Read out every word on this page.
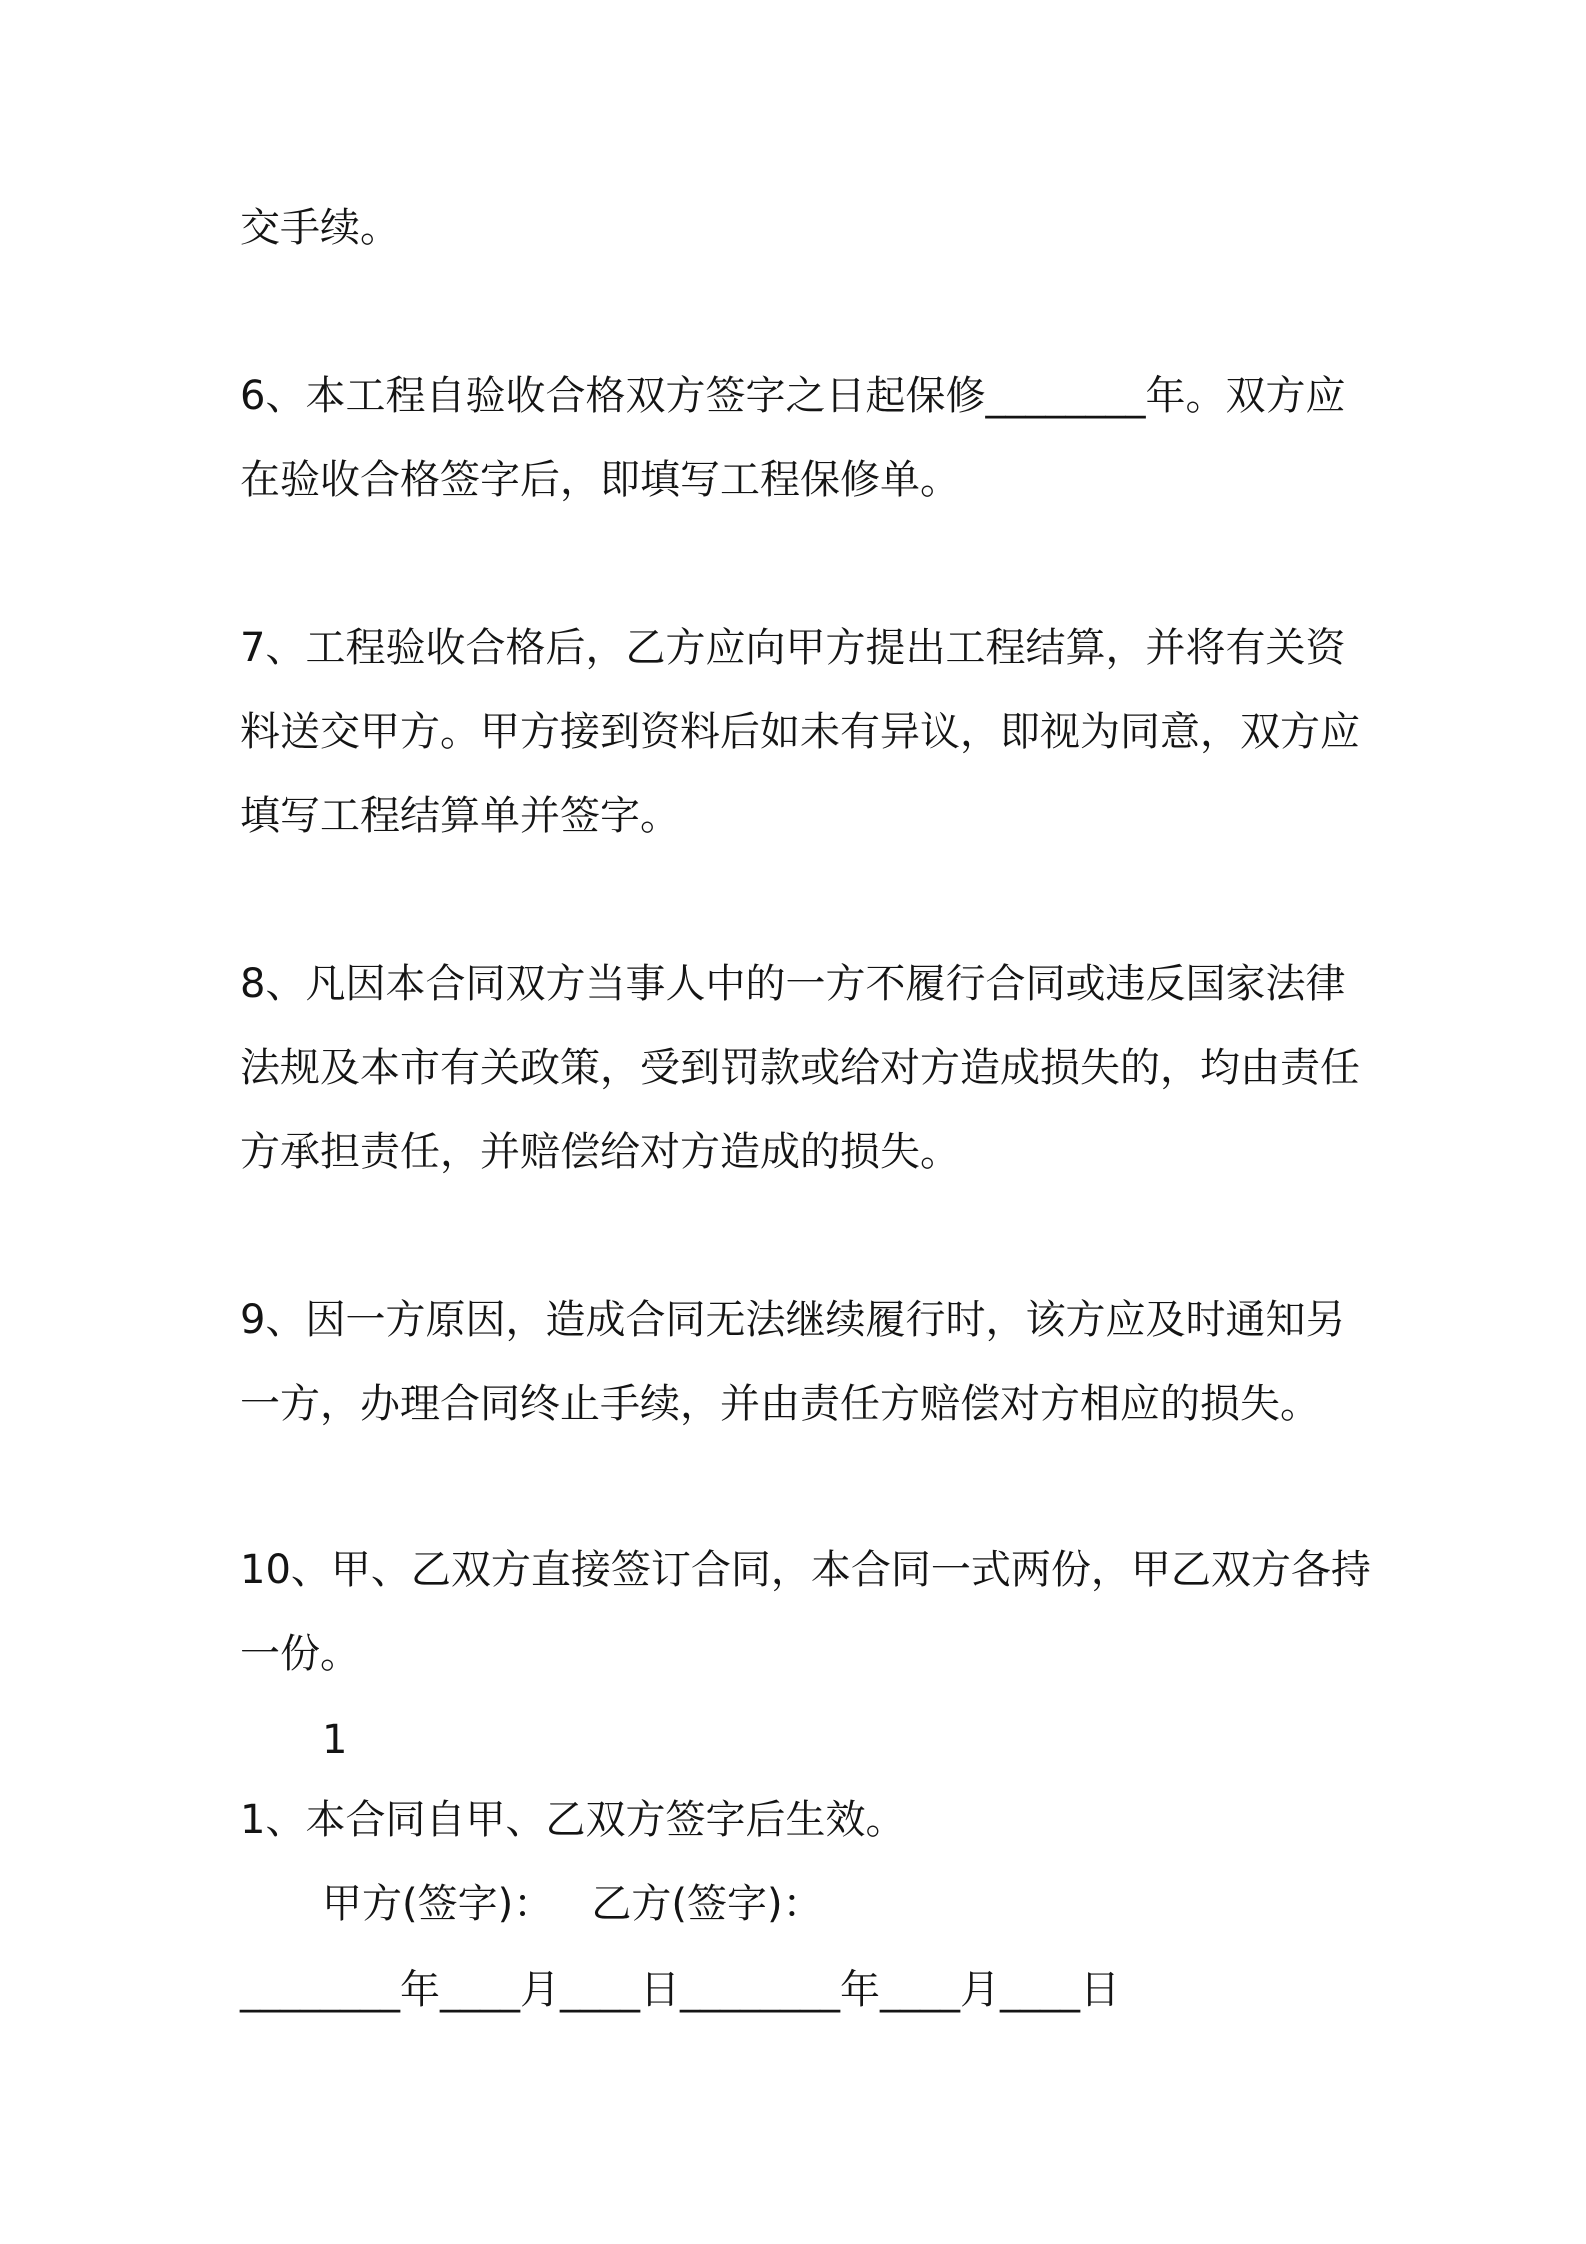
交手续。
6、本工程自验收合格双方签字之日起保修________年。双方应
在验收合格签字后，即填写工程保修单。
7、工程验收合格后，乙方应向甲方提出工程结算，并将有关资
料送交甲方。甲方接到资料后如未有异议，即视为同意，双方应
填写工程结算单并签字。
8、凡因本合同双方当事人中的一方不履行合同或违反国家法律
法规及本市有关政策，受到罚款或给对方造成损失的，均由责任
方承担责任，并赔偿给对方造成的损失。
9、因一方原因，造成合同无法继续履行时，该方应及时通知另
一方，办理合同终止手续，并由责任方赔偿对方相应的损失。
10、甲、乙双方直接签订合同，本合同一式两份，甲乙双方各持
一份。
1
1、本合同自甲、乙双方签字后生效。
甲方(签字)：   乙方(签字)：
________年____月____日________年____月____日
